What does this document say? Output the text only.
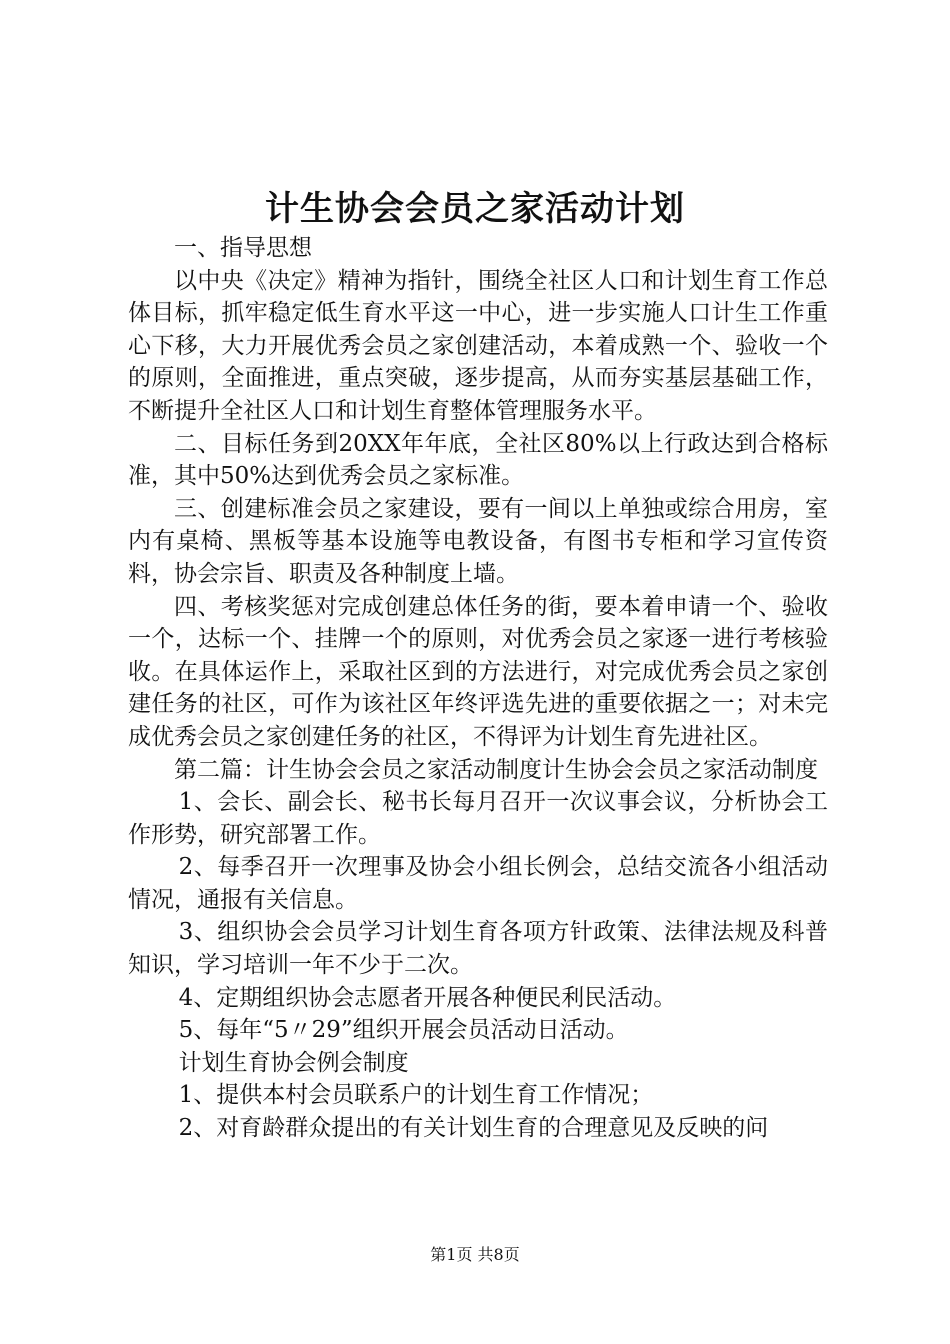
计生协会会员之家活动计划

一、指导思想

以中央《决定》精神为指针，围绕全社区人口和计划生育工作总体目标，抓牢稳定低生育水平这一中心，进一步实施人口计生工作重心下移，大力开展优秀会员之家创建活动，本着成熟一个、验收一个的原则，全面推进，重点突破，逐步提高，从而夯实基层基础工作，不断提升全社区人口和计划生育整体管理服务水平。

二、目标任务到20XX年年底，全社区80%以上行政达到合格标准，其中50%达到优秀会员之家标准。

三、创建标准会员之家建设，要有一间以上单独或综合用房，室内有桌椅、黑板等基本设施等电教设备，有图书专柜和学习宣传资料，协会宗旨、职责及各种制度上墙。

四、考核奖惩对完成创建总体任务的街，要本着申请一个、验收一个，达标一个、挂牌一个的原则，对优秀会员之家逐一进行考核验收。在具体运作上，采取社区到的方法进行，对完成优秀会员之家创建任务的社区，可作为该社区年终评选先进的重要依据之一；对未完成优秀会员之家创建任务的社区，不得评为计划生育先进社区。

第二篇：计生协会会员之家活动制度计生协会会员之家活动制度

1、会长、副会长、秘书长每月召开一次议事会议，分析协会工作形势，研究部署工作。

2、每季召开一次理事及协会小组长例会，总结交流各小组活动情况，通报有关信息。

3、组织协会会员学习计划生育各项方针政策、法律法规及科普知识，学习培训一年不少于二次。

4、定期组织协会志愿者开展各种便民利民活动。

5、每年“5〃29”组织开展会员活动日活动。

计划生育协会例会制度

1、提供本村会员联系户的计划生育工作情况；

2、对育龄群众提出的有关计划生育的合理意见及反映的问

第1页 共8页
